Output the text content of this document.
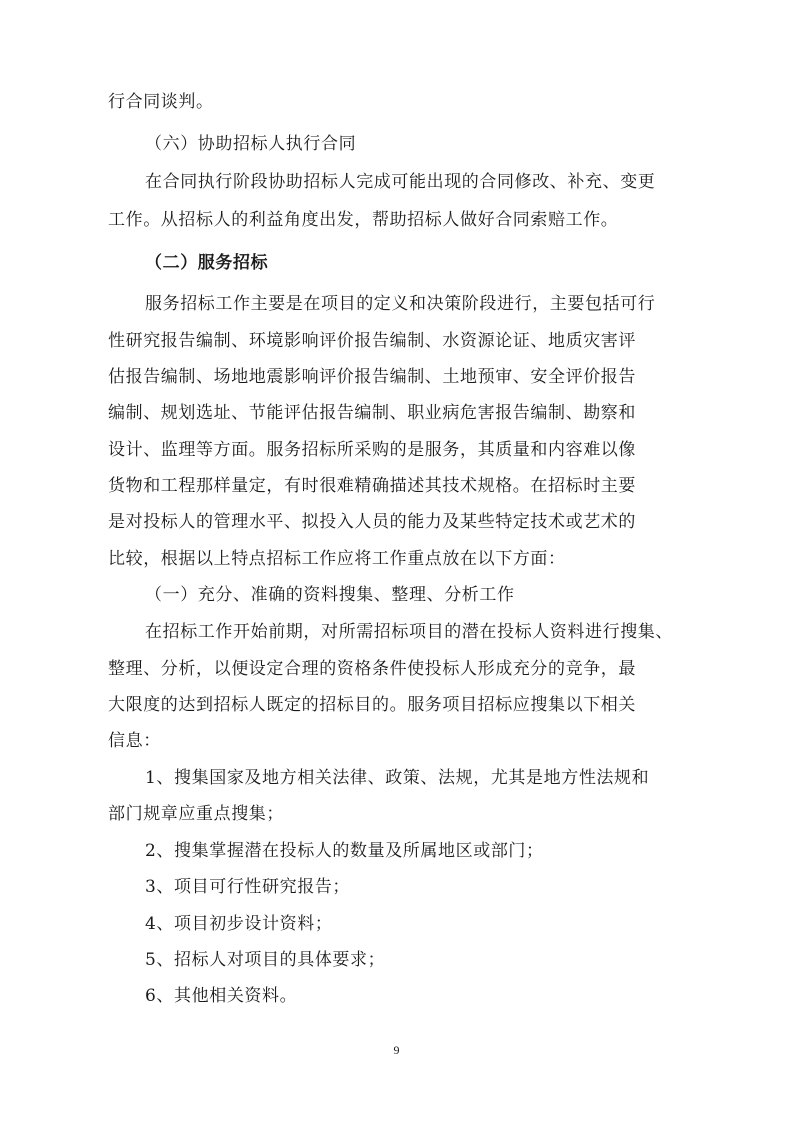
行合同谈判。
（六）协助招标人执行合同
在合同执行阶段协助招标人完成可能出现的合同修改、补充、变更
工作。从招标人的利益角度出发，帮助招标人做好合同索赔工作。
（二）服务招标
服务招标工作主要是在项目的定义和决策阶段进行，主要包括可行
性研究报告编制、环境影响评价报告编制、水资源论证、地质灾害评
估报告编制、场地地震影响评价报告编制、土地预审、安全评价报告
编制、规划选址、节能评估报告编制、职业病危害报告编制、勘察和
设计、监理等方面。服务招标所采购的是服务，其质量和内容难以像
货物和工程那样量定，有时很难精确描述其技术规格。在招标时主要
是对投标人的管理水平、拟投入人员的能力及某些特定技术或艺术的
比较，根据以上特点招标工作应将工作重点放在以下方面：
（一）充分、准确的资料搜集、整理、分析工作
在招标工作开始前期，对所需招标项目的潜在投标人资料进行搜集、
整理、分析，以便设定合理的资格条件使投标人形成充分的竞争，最
大限度的达到招标人既定的招标目的。服务项目招标应搜集以下相关
信息：
1、搜集国家及地方相关法律、政策、法规，尤其是地方性法规和
部门规章应重点搜集；
2、搜集掌握潜在投标人的数量及所属地区或部门；
3、项目可行性研究报告；
4、项目初步设计资料；
5、招标人对项目的具体要求；
6、其他相关资料。
9
